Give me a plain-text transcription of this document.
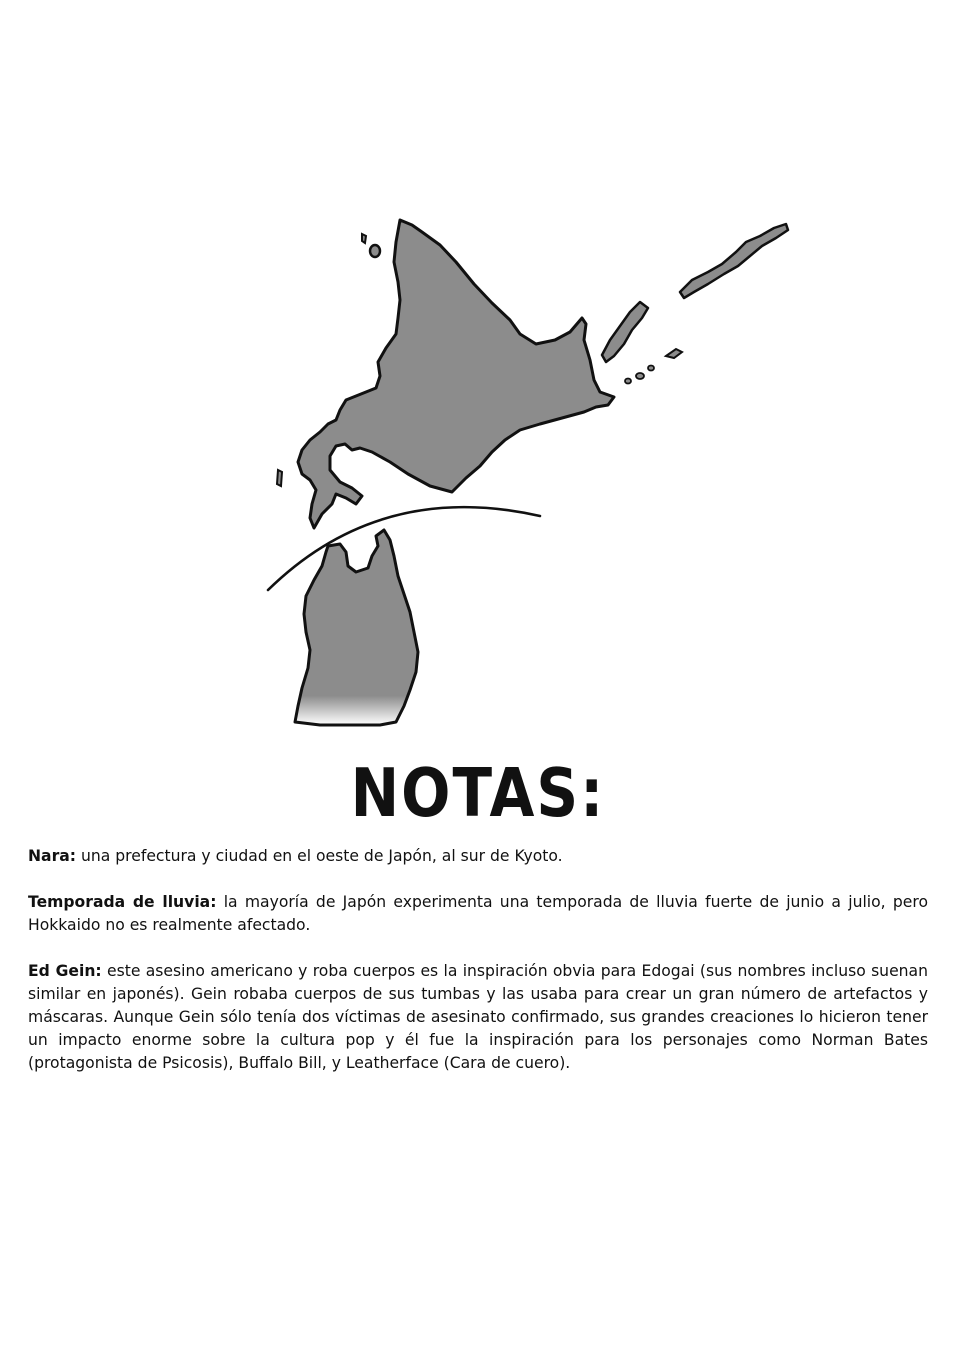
NOTAS:

Nara: una prefectura y ciudad en el oeste de Japón, al sur de Kyoto.

Temporada de lluvia: la mayoría de Japón experimenta una temporada de lluvia fuerte de junio a julio, pero Hokkaido no es realmente afectado.

Ed Gein: este asesino americano y roba cuerpos es la inspiración obvia para Edogai (sus nombres incluso suenan similar en japonés). Gein robaba cuerpos de sus tumbas y las usaba para crear un gran número de artefactos y máscaras. Aunque Gein sólo tenía dos víctimas de asesinato confirmado, sus grandes creaciones lo hicieron tener un impacto enorme sobre la cultura pop y él fue la inspiración para los personajes como Norman Bates (protagonista de Psicosis), Buffalo Bill, y Leatherface (Cara de cuero).
